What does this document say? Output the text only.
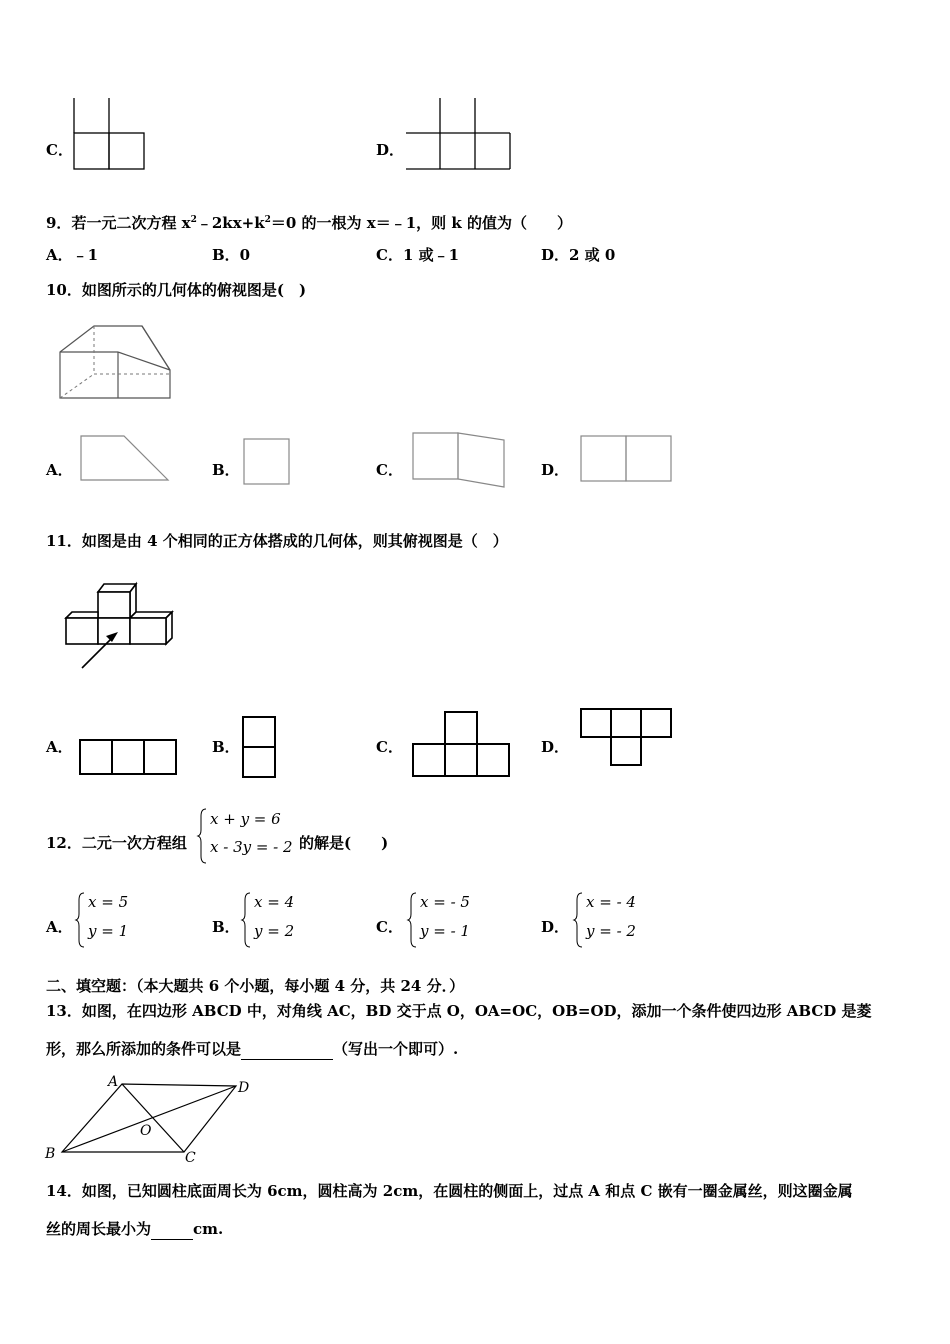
C．	D．
9．若一元二次方程 $x^2﹣2kx+k^2=0$ 的一根为 x＝﹣1，则 k 的值为（　　）
A．﹣1	B．0	C．1 或﹣1	D．2 或 0
10．如图所示的几何体的俯视图是(　)
A．	B．	C．	D．
11．如图是由 4 个相同的正方体搭成的几何体，则其俯视图是（　）
A．	B．	C．	D．
12．二元一次方程组
x + y = 6
x - 3y = - 2 的解是(　　)
A．
x = 5
y = 1	B．
x = 4
y = 2	C．
x = - 5
y = - 1	D．
x = - 4
y = - 2
二、填空题：（本大题共 6 个小题，每小题 4 分，共 24 分．）
13．如图，在四边形 ABCD 中，对角线 AC，BD 交于点 O，OA=OC，OB=OD，添加一个条件使四边形 ABCD 是菱
形，那么所添加的条件可以是	（写出一个即可）.
A
B	C
D
O
14．如图，已知圆柱底面周长为 6cm，圆柱高为 2cm，在圆柱的侧面上，过点 A 和点 C 嵌有一圈金属丝，则这圈金属
丝的周长最小为	cm.
